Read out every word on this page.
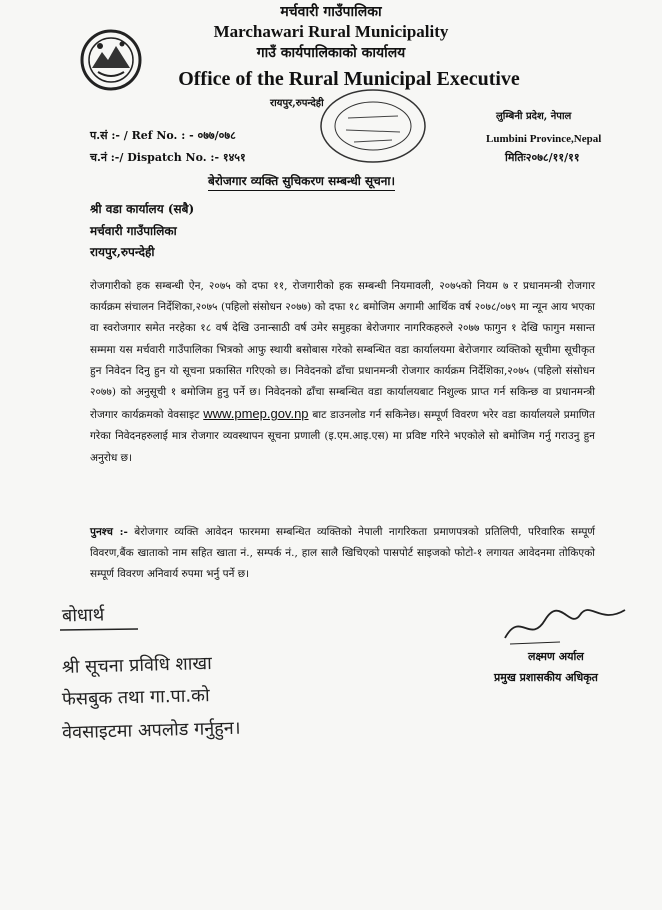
मर्चवारी गाउँपालिका
Marchawari Rural Municipality
गाउँ कार्यपालिकाको कार्यालय
Office of the Rural Municipal Executive
रायपुर,रुपन्देही
लुम्बिनी प्रदेश, नेपाल
Lumbini Province,Nepal
प.सं :- / Ref No. : - ०७७/०७८
च.नं :-/ Dispatch No. :- १४५१	मितिः२०७८/११/११
बेरोजगार व्यक्ति सुचिकरण सम्बन्धी सूचना।
श्री वडा कार्यालय (सबै)
मर्चवारी गाउँपालिका
रायपुर,रुपन्देही
रोजगारीको हक सम्बन्धी ऐन, २०७५ को दफा ११, रोजगारीको हक सम्बन्धी नियमावली, २०७५को नियम ७ र प्रधानमन्त्री रोजगार कार्यक्रम संचालन निर्देशिका,२०७५ (पहिलो संसोधन २०७७) को दफा १८ बमोजिम अगामी आर्थिक वर्ष २०७८/०७९ मा न्यून आय भएका वा स्वरोजगार समेत नरहेका १८ वर्ष देखि उनान्साठी वर्ष उमेर समुहका बेरोजगार नागरिकहरुले २०७७ फागुन १ देखि फागुन मसान्त सम्ममा यस मर्चवारी गाउँपालिका भित्रको आफु स्थायी बसोबास गरेको सम्बन्धित वडा कार्यालयमा बेरोजगार व्यक्तिको सूचीमा सूचीकृत हुन निवेदन दिनु हुन यो सूचना प्रकासित गरिएको छ। निवेदनको ढाँचा प्रधानमन्त्री रोजगार कार्यक्रम निर्देशिका,२०७५ (पहिलो संसोधन २०७७) को अनुसूची १ बमोजिम हुनु पर्ने छ। निवेदनको ढाँचा सम्बन्धित वडा कार्यालयबाट निशुल्क प्राप्त गर्न सकिन्छ वा प्रधानमन्त्री रोजगार कार्यक्रमको वेवसाइट www.pmep.gov.np बाट डाउनलोड गर्न सकिनेछ। सम्पूर्ण विवरण भरेर वडा कार्यालयले प्रमाणित गरेका निवेदनहरुलाई मात्र रोजगार व्यवस्थापन सूचना प्रणाली (इ.एम.आइ.एस) मा प्रविष्ट गरिने भएकोले सो बमोजिम गर्नु गराउनु हुन अनुरोध छ।
पुनश्च :- बेरोजगार व्यक्ति आवेदन फारममा सम्बन्धित व्यक्तिको नेपाली नागरिकता प्रमाणपत्रको प्रतिलिपी, परिवारिक सम्पूर्ण विवरण,बैंक खाताको नाम सहित खाता नं., सम्पर्क नं., हाल सालै खिचिएको पासपोर्ट साइजको फोटो-१ लगायत आवेदनमा तोकिएको सम्पूर्ण विवरण अनिवार्य रुपमा भर्नु पर्ने छ।
बोधार्थ
श्री सूचना प्रविधि शाखा
फेसबुक तथा गा.पा.को
वेवसाइटमा अपलोड गर्नुहुन।
लक्ष्मण अर्याल
प्रमुख प्रशासकीय अधिकृत
